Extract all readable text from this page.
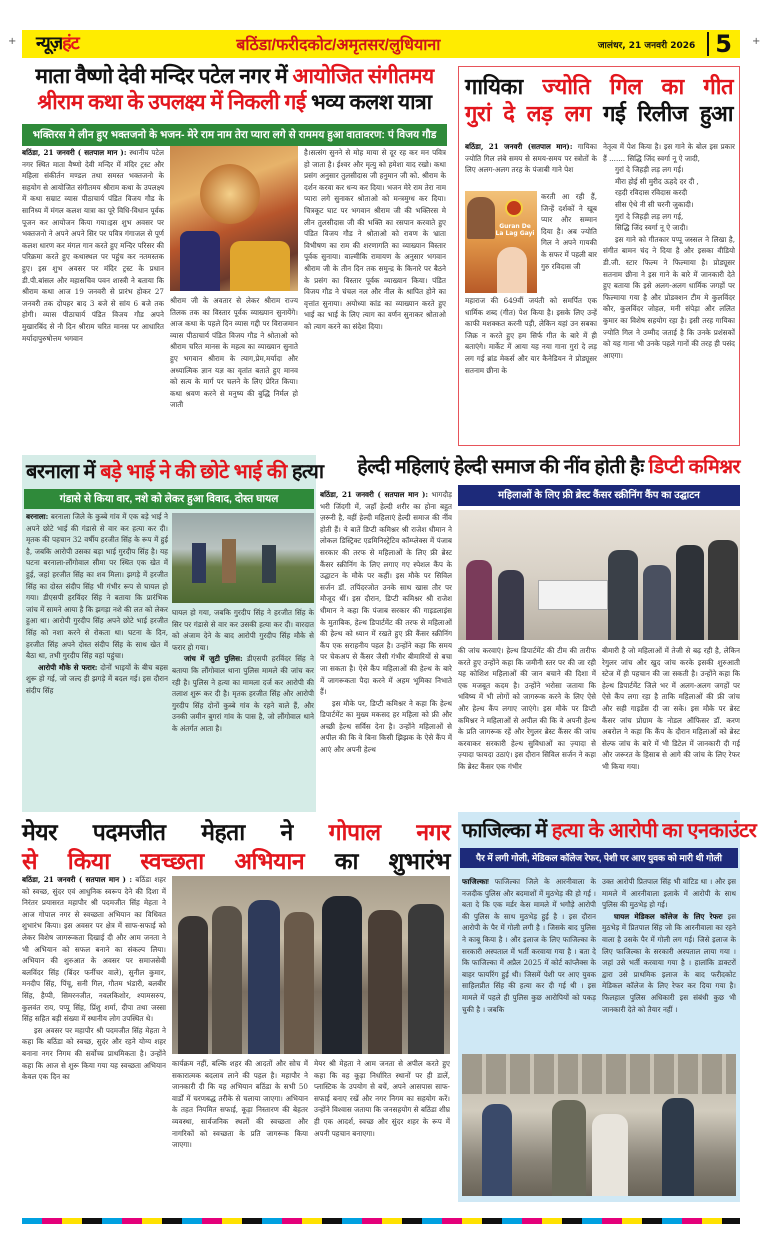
+	+
न्यूज़हंट	बठिंडा/फरीदकोट/अमृतसर/लुधियाना	जालंधर, 21 जनवरी 2026 5
माता वैष्णो देवी मन्दिर पटेल नगर में आयोजित संगीतमय
श्रीराम कथा के उपलक्ष्य में निकली गई भव्य कलश यात्रा
भक्तिरस मे लीन हुए भक्तजनो के भजन- मेरे राम नाम तेरा प्यारा लगे से राममय हुआ वातावरण: पं विजय गौड
बठिंडा, 21 जनवरी ( सतपाल मान ): स्थानीय पटेल नगर स्थित माता वैष्णो देवी मन्दिर में मंदिर ट्रस्ट और महिला संकीर्तन मण्डल तथा समस्त भक्तजनो के सहयोग से आयोजित संगीतमय श्रीराम कथा के उपलक्ष्य में कथा सम्राट व्यास पीठाचार्य पंडित विजय गौड के सानिध्य में मंगल कलश यात्रा का पूरे विधि-विधान पूर्वक पूजन कर आयोजन किया गया।इस शुभ अवसर पर भक्तजनो ने अपने अपने सिर पर पवित्र गंगाजल से पूर्ण कलश धारण कर मंगल गान करते हुए मन्दिर परिसर की परिक्रमा करते हुए कथास्थल पर पहुंच कर नतमस्तक हुए। इस शुभ अवसर पर मंदिर ट्रस्ट के प्रधान डी.पी.बांसल और महासचिव पवन शास्त्री ने बताया कि श्रीराम कथा आज 19 जनवरी से प्रारंभ होकर 27 जनवरी तक दोपहर बाद 3 बजे से सांय 6 बजे तक होगी। व्यास पीठाचार्य पंडित विजय गौड अपने मुखारबिंद से नौ दिन श्रीराम चरित मानस पर आधारित मर्यादापुरुषोत्तम भगवान
श्रीराम जी के अवतार से लेकर श्रीराम राज्य तिलक तक का विस्तार पूर्वक व्याख्यान सुनायेंगे। आज कथा के पहले दिन व्यास गद्दी पर विराजमान व्यास पीठाचार्य पंडित विजय गौड ने श्रोताओ को श्रीराम चरित मानस के महत्व का व्याख्यान सुनाते हुए भगवान श्रीराम के त्याग,प्रेम,मर्यादा और अध्यात्मिक ज्ञान यज्ञ का वृतांत बताते हुए मानव को सत्य के मार्ग पर चलने के लिए प्रेरित किया। कथा श्रवण करने से मनुष्य की बुद्धि निर्मल हो जाती
है।सत्संग सुनने से मोह माया से दूर रह कर मन पवित्र हो जाता है। ईश्वर और मृत्यु को हमेशा याद रखो। कथा प्रसंग अनुसार तुलसीदास जी हनुमान जी को. श्रीराम के दर्शन करवा कर धन्य कर दिया। भजन मेरे राम तेरा नाम प्यारा लगे सुनाकर श्रोताओ को मन्त्रमुग्ध कर दिया। चित्रकूट घाट पर भगवान श्रीराम जी की भक्तिरस मे लीन तुलसीदास जी की भक्ति का रसपान करवाते हुए पंडित विजय गौड ने श्रोताओ को रावण के भ्राता विभीषण का राम की शरणागति का व्याख्यान विस्तार पूर्वक सुनाया। वाल्मीकि रामायण के अनुसार भगवान श्रीराम जी के तीन दिन तक समुन्द्र के किनारे पर बैठने के प्रसंग का विस्तार पूर्वक व्याख्यान किया। पंडित विजय गौड ने चंचल नल और नील के श्रापित होने का वृत्तांत सुनाया। अयोध्या कांड का व्याख्यान करते हुए भाई का भाई के लिए त्याग का वर्णन सुनाकर श्रोताओ को त्याग करने का संदेश दिया।
गायिका ज्योति गिल का गीत
गुरां दे लड़ लग गई रिलीज हुआ
बठिंडा, 21 जनवरी (सतपाल मान): गायिका ज्योति गिल लंबे समय से समय-समय पर स्त्रोतों के लिए अलग-अलग तरह के पंजाबी गाने पेश
Guran De La Lag Gayi
करती आ रही हैं, जिन्हें दर्शकों ने खूब प्यार और सम्मान दिया है। अब ज्योति गिल ने अपने गायकी के सफर में पहली बार गुरु रविदास जी
महाराज की 649वीं जयंती को समर्पित एक धार्मिक शब्द (गीत) पेश किया है। इसके लिए उन्हें काफी मशक्कत करनी पड़ी, लेकिन यहां उन सबका जिक्र न करते हुए हम सिर्फ गीत के बारे में ही बताएंगे। मार्केट में आया यह नया गाना गुरां दे लड़ लग गई ब्रांड मेकर्स और यार कैनेडियन ने प्रोड्यूसर सतनाम छीना के
नेतृत्व में पेश किया है। इस गाने के बोल इस प्रकार हैं ....... सिद्धि जिंद स्वर्गा नू ऐ जादी,
गुरां दे जिहड़ी लड़ लग गई।
मीरा होई सी मुरीद ऊहदे दर दी ,
रहदी रविदास रविदास करदी
सीस ऐथे नी सी चरनी जुकादी।
गुरां दे जिहड़ी लड़ लग गई,
सिद्धि जिंद स्वर्गा नू ऐ जादी।
इस गाने को गीतकार पप्पू जस्सल ने लिखा है, संगीत बामन चंद ने दिया है और इसका वीडियो डी.जी. स्टार फिल्म ने फिल्माया है। प्रोड्यूसर सतनाम छीना ने इस गाने के बारे में जानकारी देते हुए बताया कि इसे अलग-अलग धार्मिक जगहों पर फिल्माया गया है और प्रोडक्शन टीम मे कुलविंदर कौर, कुलविंदर जोहल, मनी संपेड़ा और ललित कुमार का विशेष सहयोग रहा है। इसी तरह गायिका ज्योति गिल ने उम्मीद जताई है कि उनके प्रशंसकों को यह गाना भी उनके पहले गानों की तरह ही पसंद आएगा।
बरनाला में बड़े भाई ने की छोटे भाई की हत्या
गंडासे से किया वार, नशे को लेकर हुआ विवाद, दोस्त घायल
बरनाला: बरनाला जिले के कुब्बे गांव में एक बड़े भाई ने अपने छोटे भाई की गंडासे से वार कर हत्या कर दी। मृतक की पहचान 32 वर्षीय हरजीत सिंह के रूप में हुई है, जबकि आरोपी उसका बड़ा भाई गुरदीप सिंह है। यह घटना बरनाला-लौंगोवाल सीमा पर स्थित एक खेत में हुई, जहां हरजीत सिंह का शव मिला। झगड़े में हरजीत सिंह का दोस्त संदीप सिंह भी गंभीर रूप से घायल हो गया। डीएसपी हरविंदर सिंह ने बताया कि प्रारंभिक जांच में सामने आया है कि झगड़ा नशे की लत को लेकर हुआ था। आरोपी गुरदीप सिंह अपने छोटे भाई हरजीत सिंह को नशा करने से रोकता था। घटना के दिन, हरजीत सिंह अपने दोस्त संदीप सिंह के साथ खेत में बैठा था, तभी गुरदीप सिंह वहां पहुंचा।
आरोपी मौके से फरार: दोनों भाइयों के बीच बहस शुरू हो गई, जो जल्द ही झगड़े में बदल गई। इस दौरान संदीप सिंह
घायल हो गया, जबकि गुरदीप सिंह ने हरजीत सिंह के सिर पर गंडासे से वार कर उसकी हत्या कर दी। वारदात को अंजाम देने के बाद आरोपी गुरदीप सिंह मौके से फरार हो गया।
जांच में जुटी पुलिस: डीएसपी हरविंदर सिंह ने बताया कि लौंगोवाल थाना पुलिस मामले की जांच कर रही है। पुलिस ने हत्या का मामला दर्ज कर आरोपी की तलाश शुरू कर दी है। मृतक हरजीत सिंह और आरोपी गुरदीप सिंह दोनों कुब्बे गांव के रहने वाले हैं, और उनकी जमीन बुगरां गांव के पास है, जो लौंगोवाल थाने के अंतर्गत आता है।
हेल्दी महिलाएं हेल्दी समाज की नींव होती हैः डिप्टी कमिश्नर
बठिंडा, 21 जनवरी ( सतपाल मान ): भागदौड़ भरी जिंदगी में, जहाँ हेल्दी शरीर का होना बहुत ज़रूरी है, वहीं हेल्दी महिलाएं हेल्दी समाज की नींव होती हैं। ये बातें डिप्टी कमिश्नर श्री राजेश धीमान ने लोकल डिस्ट्रिक्ट एडमिनिस्ट्रेटिव कॉम्प्लेक्स में पंजाब सरकार की तरफ से महिलाओं के लिए फ्री ब्रेस्ट कैंसर स्क्रीनिंग के लिए लगाए गए स्पेशल कैंप के उद्घाटन के मौके पर कहीं। इस मौके पर सिविल सर्जन डॉ. तपिंदरजोत उनके साथ खास तौर पर मौजूद थीं। इस दौरान, डिप्टी कमिश्नर श्री राजेश धीमान ने कहा कि पंजाब सरकार की गाइडलाइंस के मुताबिक, हेल्थ डिपार्टमेंट की तरफ से महिलाओं की हेल्थ को ध्यान में रखते हुए फ्री कैंसर स्क्रीनिंग कैंप एक सराहनीय पहल है। उन्होंने कहा कि समय पर चेकअप से कैंसर जैसी गंभीर बीमारियों से बचा जा सकता है। ऐसे कैंप महिलाओं की हेल्थ के बारे में जागरूकता पैदा करने में अहम भूमिका निभाते हैं।
इस मौके पर, डिप्टी कमिश्नर ने कहा कि हेल्थ डिपार्टमेंट का मुख्य मकसद हर महिला को फ्री और अच्छी हेल्थ सर्विस देना है। उन्होंने महिलाओं से अपील की कि वे बिना किसी झिझक के ऐसे कैंप में आएं और अपनी हेल्थ
महिलाओं के लिए फ्री ब्रेस्ट कैंसर स्क्रीनिंग कैंप का उद्घाटन
की जांच करवाएं। हेल्थ डिपार्टमेंट की टीम की तारीफ करते हुए उन्होंने कहा कि जमीनी स्तर पर की जा रही यह कोशिश महिलाओं की जान बचाने की दिशा में एक मजबूत कदम है। उन्होंने भरोसा जताया कि भविष्य में भी लोगों को जागरूक करने के लिए ऐसे और हेल्थ कैंप लगाए जाएंगे। इस मौके पर डिप्टी कमिश्नर ने महिलाओं से अपील की कि वे अपनी हेल्थ के प्रति जागरूक रहें और रेगुलर ब्रेस्ट कैंसर की जांच करवाकर सरकारी हेल्थ सुविधाओं का ज़्यादा से ज़्यादा फायदा उठाएं। इस दौरान सिविल सर्जन ने कहा कि ब्रेस्ट कैंसर एक गंभीर
बीमारी है जो महिलाओं में तेजी से बढ़ रही है, लेकिन रेगुलर जांच और खुद जांच करके इसकी शुरुआती स्टेज में ही पहचान की जा सकती है। उन्होंने कहा कि हेल्थ डिपार्टमेंट जिले भर में अलग-अलग जगहों पर ऐसे कैंप लगा रहा है ताकि महिलाओं की फ्री जांच और सही गाइडेंस दी जा सके। इस मौके पर ब्रेस्ट कैंसर जांच प्रोग्राम के नोडल ऑफिसर डॉ. करण अबरोल ने कहा कि कैंप के दौरान महिलाओं को ब्रेस्ट सेल्फ जांच के बारे में भी डिटेल में जानकारी दी गई और जरूरत के हिसाब से आगे की जांच के लिए रेफर भी किया गया।
मेयर पदमजीत मेहता ने गोपाल नगर
से किया स्वच्छता अभियान का शुभारंभ
बठिंडा, 21 जनवरी ( सतपाल मान ) : बठिंडा शहर को स्वच्छ, सुंदर एवं आधुनिक स्वरूप देने की दिशा में निरंतर प्रयासरत महापौर श्री पदमजीत सिंह मेहता ने आज गोपाल नगर से स्वच्छता अभियान का विधिवत शुभारंभ किया। इस अवसर पर क्षेत्र में साफ-सफाई को लेकर विशेष जागरूकता दिखाई दी और आम जनता ने भी अभियान को सफल बनाने का संकल्प लिया। अभियान की शुरुआत के अवसर पर समाजसेवी बलविंदर सिंह (बिंदर फर्नीचर वाले), सुनील कुमार, मनदीप सिंह, पिंचू, सनी गिल, गौतम भंडारी, बलबीर सिंह, हैप्पी, सिमरनजीत, नवलकिशोर, श्यामसरुप, कुलवंत राय, पप्पू सिंह, प्रिंशु शर्मा, दीपा तथा जस्सा सिंह सहित बड़ी संख्या में स्थानीय लोग उपस्थित थे।
इस अवसर पर महापौर श्री पदमजीत सिंह मेहता ने कहा कि बठिंडा को स्वच्छ, सुदंर और रहने योग्य शहर बनाना नगर निगम की सर्वोच्च प्राथमिकता है। उन्होंने कहा कि आज से शुरू किया गया यह स्वच्छता अभियान केवल एक दिन का
कार्यक्रम नहीं, बल्कि शहर की आदतों और सोच में सकारात्मक बदलाव लाने की पहल है। महापौर ने जानकारी दी कि यह अभियान बठिंडा के सभी 50 वार्डों में चरणबद्ध तरीके से चलाया जाएगा। अभियान के तहत नियमित सफाई, कूड़ा निस्तारण की बेहतर व्यवस्था, सार्वजनिक स्थलों की स्वच्छता और नागरिकों को स्वच्छता के प्रति जागरूक किया जाएगा।
मेयर श्री मेहता ने आम जनता से अपील करते हुए कहा कि वह कूड़ा निर्धारित स्थानों पर ही डालें, प्लास्टिक के उपयोग से बचें, अपने आसपास साफ-सफाई बनाए रखें और नगर निगम का सहयोग करें। उन्होंने विश्वास जताया कि जनसहयोग से बठिंडा शीघ्र ही एक आदर्श, स्वच्छ और सुंदर शहर के रूप में अपनी पहचान बनाएगा।
फाजिल्का में हत्या के आरोपी का एनकाउंटर
पैर में लगी गोली, मेडिकल कॉलेज रेफर, पेशी पर आए युवक को मारी थी गोली
फाजिल्काः फाजिल्का जिले के आरनीवाला के नजदीक पुलिस और बदमाशों में मुठभेड़ की हो गई । बता दे कि एक मर्डर केस मामले में भगौड़े आरोपी की पुलिस के साथ मुठभेड़ हुई है । इस दौरान आरोपी के पैर में गोली लगी है । जिसके बाद पुलिस ने काबू किया है । और इलाज के लिए फाजिल्का के सरकारी अस्पताल में भर्ती करवाया गया है । बता दे कि फाजिल्का में अप्रैल 2025 में कोर्ट कांप्लैक्स के बाहर फायरिंग हुई थी। जिसमें पेशी पर आए युवक साहिलप्रीत सिंह की हत्या कर दी गई थी । इस मामले में पहले ही पुलिस कुछ आरोपियों को पकड़ चुकी है । जबकि
उक्त आरोपी प्रितपाल सिंह भी वांटिड था । और इस मामले में आरनीवाला इलाके में आरोपी के साथ पुलिस की मुठभेड़ हो गई।
घायल मेडिकल कॉलेज के लिए रेफरः इस मुठभेड़ में प्रितपाल सिंह जो कि आरनीवाला का रहने वाला है उसके पैर में गोली लग गई। जिसे इलाज के लिए फाजिल्का के सरकारी अस्पताल लाया गया । जहां उसे भर्ती करवाया गया है । हालांकि डाक्टरों द्वारा उसे प्राथमिक इलाज के बाद फरीदकोट मेडिकल कॉलेज के लिए रेफर कर दिया गया है। फिलहाल पुलिस अधिकारी इस संबंधी कुछ भी जानकारी देते को तैयार नहीं ।
